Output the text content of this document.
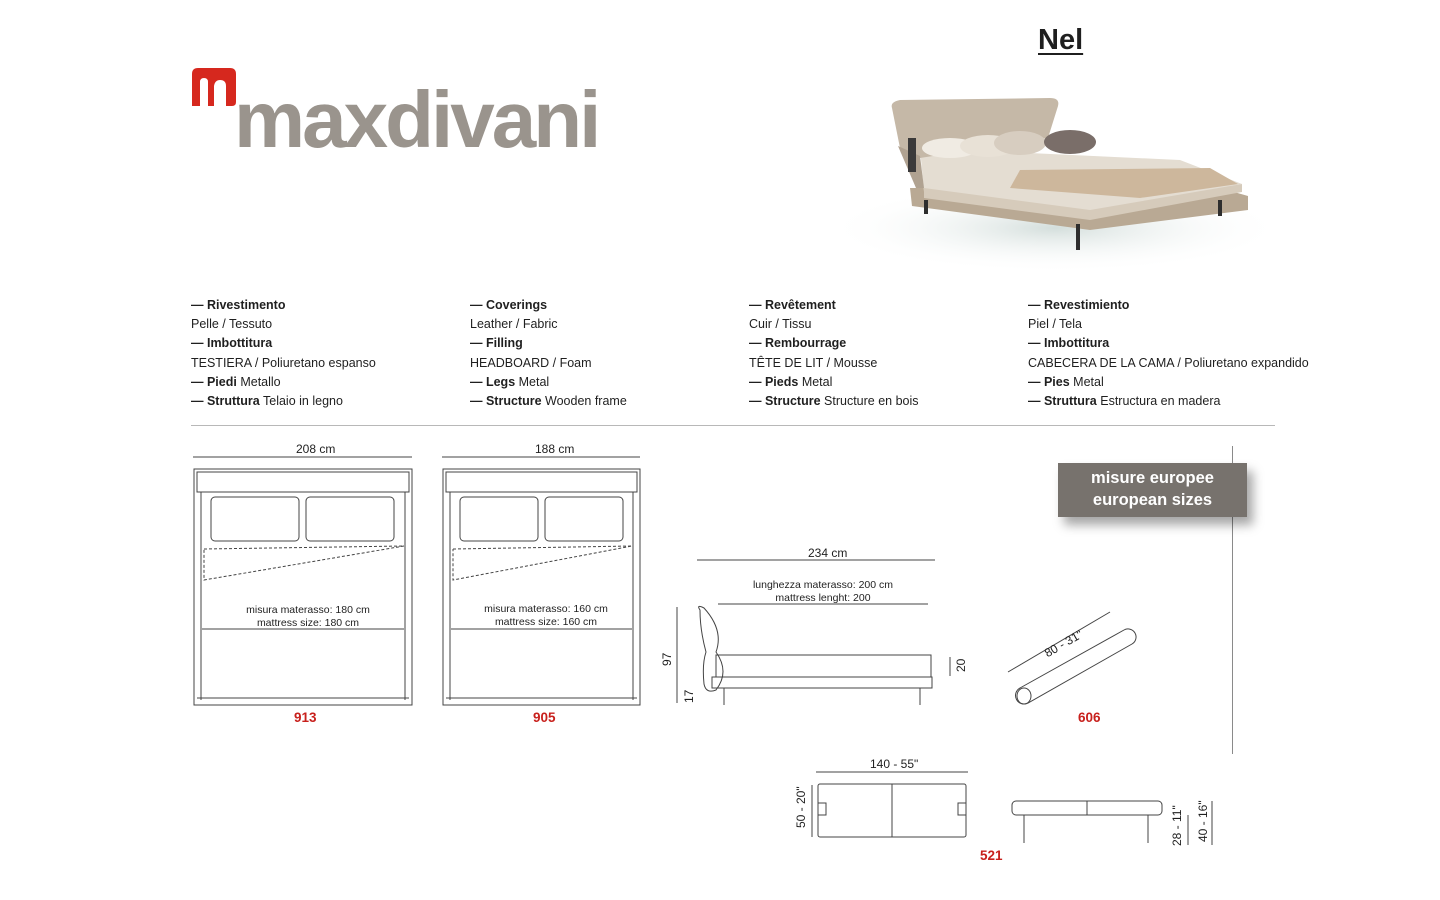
maxdivani
Nel
— Rivestimento
Pelle / Tessuto
— Imbottitura
TESTIERA / Poliuretano espanso
— Piedi Metallo
— Struttura Telaio in legno
— Coverings
Leather / Fabric
— Filling
HEADBOARD / Foam
— Legs Metal
— Structure Wooden frame
— Revêtement
Cuir / Tissu
— Rembourrage
TÊTE DE LIT / Mousse
— Pieds Metal
— Structure Structure en bois
— Revestimiento
Piel / Tela
— Imbottitura
CABECERA DE LA CAMA / Poliuretano expandido
— Pies Metal
— Struttura Estructura en madera
misure europee
european sizes
208 cm
misura materasso: 180 cm
mattress size: 180 cm
913
188 cm
misura materasso: 160 cm
mattress size: 160 cm
905
234 cm
lunghezza materasso: 200 cm
mattress lenght: 200
97
17
20
80 - 31"
606
140 - 55"
50 - 20"	28 - 11" 40 - 16"
521
